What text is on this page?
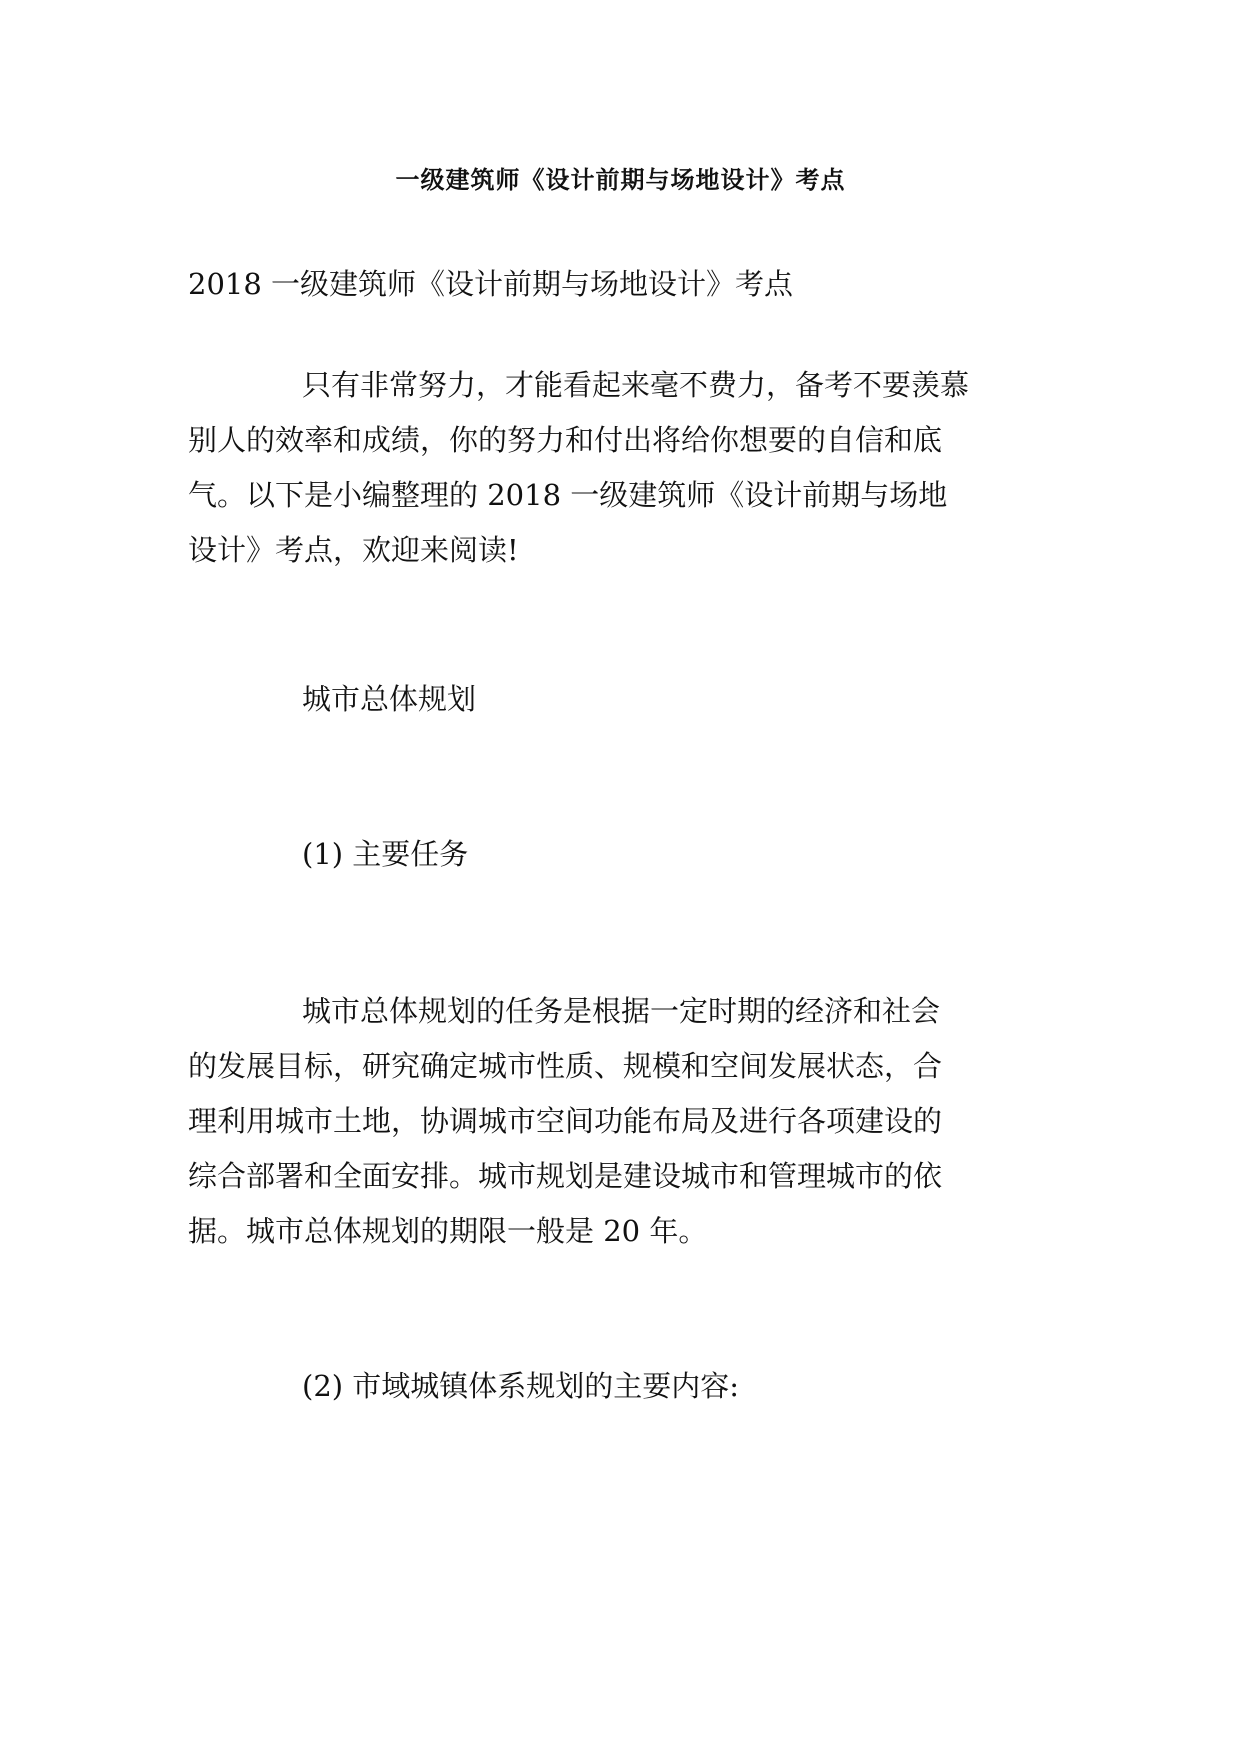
一级建筑师《设计前期与场地设计》考点

2018 一级建筑师《设计前期与场地设计》考点

只有非常努力，才能看起来毫不费力，备考不要羡慕

别人的效率和成绩，你的努力和付出将给你想要的自信和底

气。以下是小编整理的 2018 一级建筑师《设计前期与场地

设计》考点，欢迎来阅读!

城市总体规划

(1) 主要任务

城市总体规划的任务是根据一定时期的经济和社会

的发展目标，研究确定城市性质、规模和空间发展状态，合

理利用城市土地，协调城市空间功能布局及进行各项建设的

综合部署和全面安排。城市规划是建设城市和管理城市的依

据。城市总体规划的期限一般是 20 年。

(2) 市域城镇体系规划的主要内容:
